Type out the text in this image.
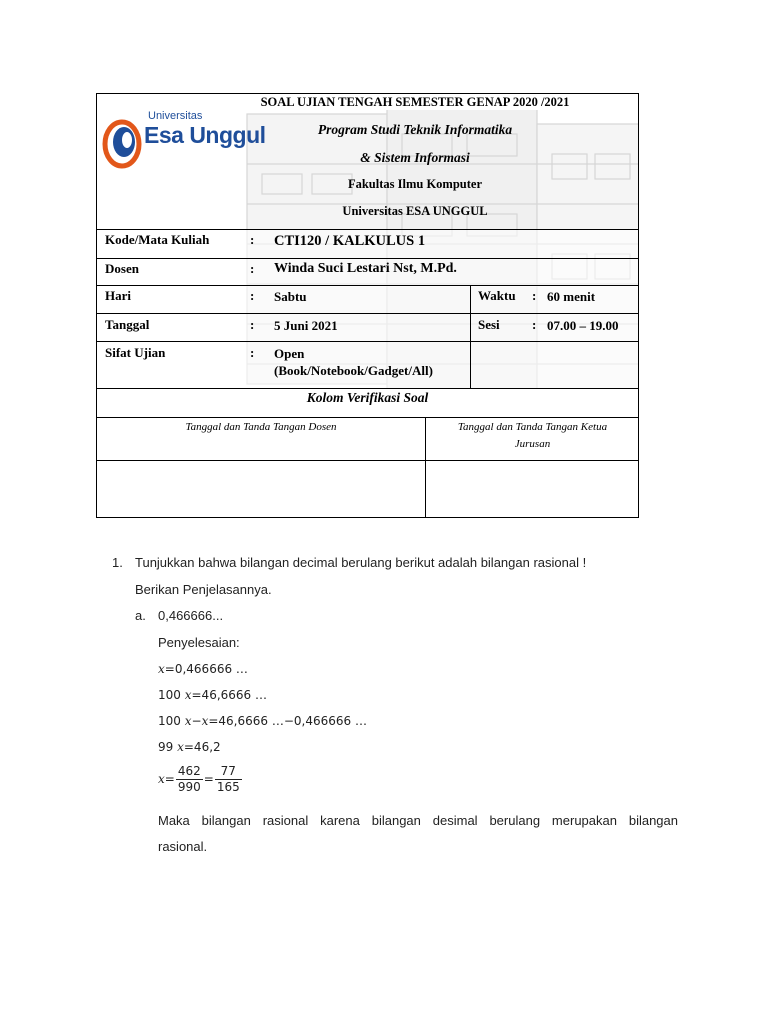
Universitas
Esa Unggul
SOAL UJIAN TENGAH SEMESTER GENAP 2020 /2021
Program Studi Teknik Informatika
& Sistem Informasi
Fakultas Ilmu Komputer
Universitas ESA UNGGUL
Kode/Mata Kuliah	: CTI120 / KALKULUS 1
Dosen	: Winda Suci Lestari Nst, M.Pd.
Hari	: Sabtu	Waktu : 60 menit
Tanggal	: 5 Juni 2021	Sesi : 07.00 – 19.00
Sifat Ujian	: Open
(Book/Notebook/Gadget/All)
Kolom Verifikasi Soal
Tanggal dan Tanda Tangan Dosen	Tanggal dan Tanda Tangan Ketua
Jurusan
1. Tunjukkan bahwa bilangan decimal berulang berikut adalah bilangan rasional !
Berikan Penjelasannya.
a. 0,466666...
Penyelesaian:
x=0,466666 …
100 x=46,6666 …
100 x−x=46,6666 …−0,466666 …
99 x=46,2
$x= \frac{462}{990} = \frac{77}{165}$
Maka bilangan rasional karena bilangan desimal berulang merupakan bilangan
rasional.
